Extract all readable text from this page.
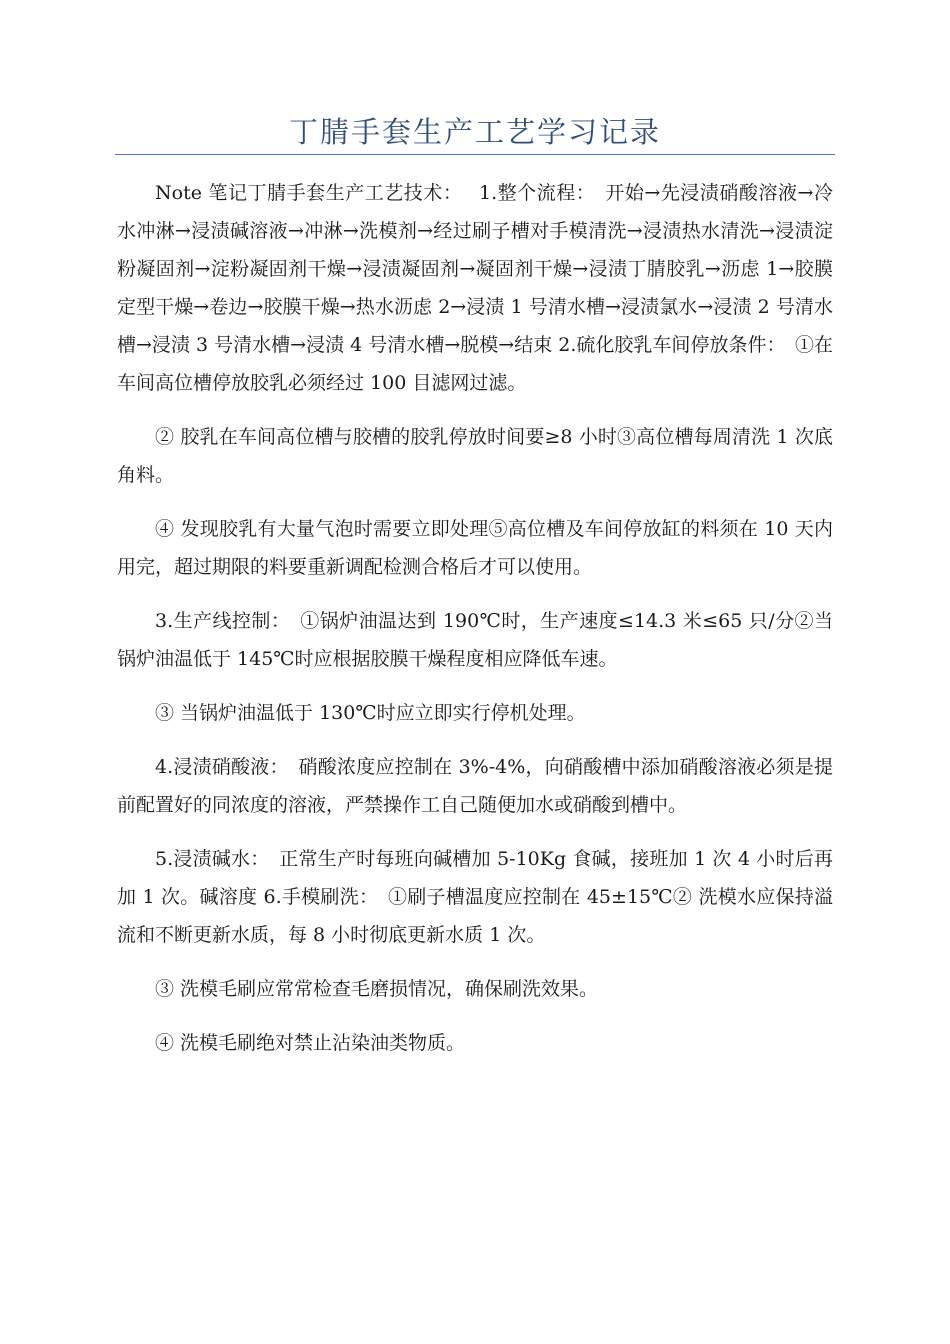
丁腈手套生产工艺学习记录

Note 笔记丁腈手套生产工艺技术：　 1.整个流程：　开始→先浸渍硝酸溶液→冷水冲淋→浸渍碱溶液→冲淋→洗模剂→经过刷子槽对手模清洗→浸渍热水清洗→浸渍淀粉凝固剂→淀粉凝固剂干燥→浸渍凝固剂→凝固剂干燥→浸渍丁腈胶乳→沥虑 1→胶膜定型干燥→卷边→胶膜干燥→热水沥虑 2→浸渍 1 号清水槽→浸渍氯水→浸渍 2 号清水槽→浸渍 3 号清水槽→浸渍 4 号清水槽→脱模→结束 2.硫化胶乳车间停放条件：　①在车间高位槽停放胶乳必须经过 100 目滤网过滤。

② 胶乳在车间高位槽与胶槽的胶乳停放时间要≥8 小时③高位槽每周清洗 1 次底角料。

④ 发现胶乳有大量气泡时需要立即处理⑤高位槽及车间停放缸的料须在 10 天内用完，超过期限的料要重新调配检测合格后才可以使用。

3.生产线控制：　①锅炉油温达到 190℃时，生产速度≤14.3 米≤65 只/分②当锅炉油温低于 145℃时应根据胶膜干燥程度相应降低车速。

③ 当锅炉油温低于 130℃时应立即实行停机处理。

4.浸渍硝酸液：　硝酸浓度应控制在 3%-4%，向硝酸槽中添加硝酸溶液必须是提前配置好的同浓度的溶液，严禁操作工自己随便加水或硝酸到槽中。

5.浸渍碱水：　正常生产时每班向碱槽加 5-10Kg 食碱，接班加 1 次 4 小时后再加 1 次。碱溶度 6.手模刷洗：　①刷子槽温度应控制在 45±15℃② 洗模水应保持溢流和不断更新水质，每 8 小时彻底更新水质 1 次。

③ 洗模毛刷应常常检查毛磨损情况，确保刷洗效果。

④ 洗模毛刷绝对禁止沾染油类物质。
